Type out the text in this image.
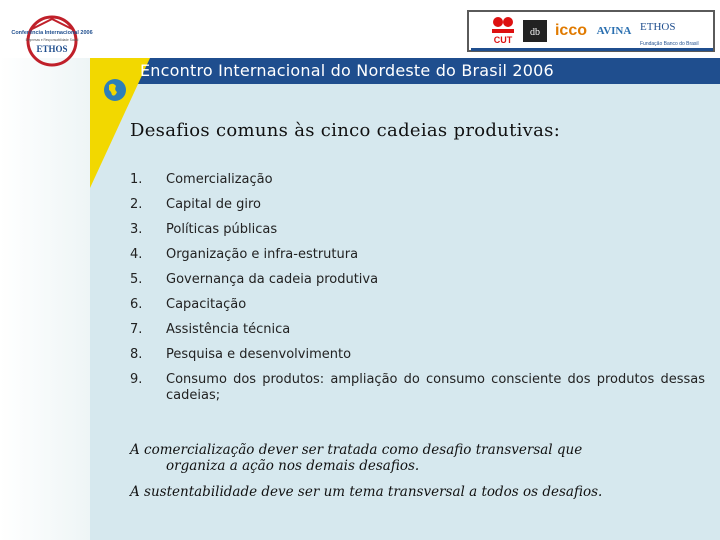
Conferência Internacional 2006
Empresas e Responsabilidade Social
ETHOS
CUT
db icco AVINA ETHOS
Fundação Banco do Brasil
Encontro Internacional do Nordeste do Brasil 2006
Desafios comuns às cinco cadeias produtivas:
1. Comercialização
2. Capital de giro
3. Políticas públicas
4. Organização e infra-estrutura
5. Governança da cadeia produtiva
6. Capacitação
7. Assistência técnica
8. Pesquisa e desenvolvimento
9. Consumo dos produtos: ampliação do consumo consciente dos produtos dessas cadeias;
A comercialização dever ser tratada como desafio transversal que
organiza a ação nos demais desafios.
A sustentabilidade deve ser um tema transversal a todos os desafios.
